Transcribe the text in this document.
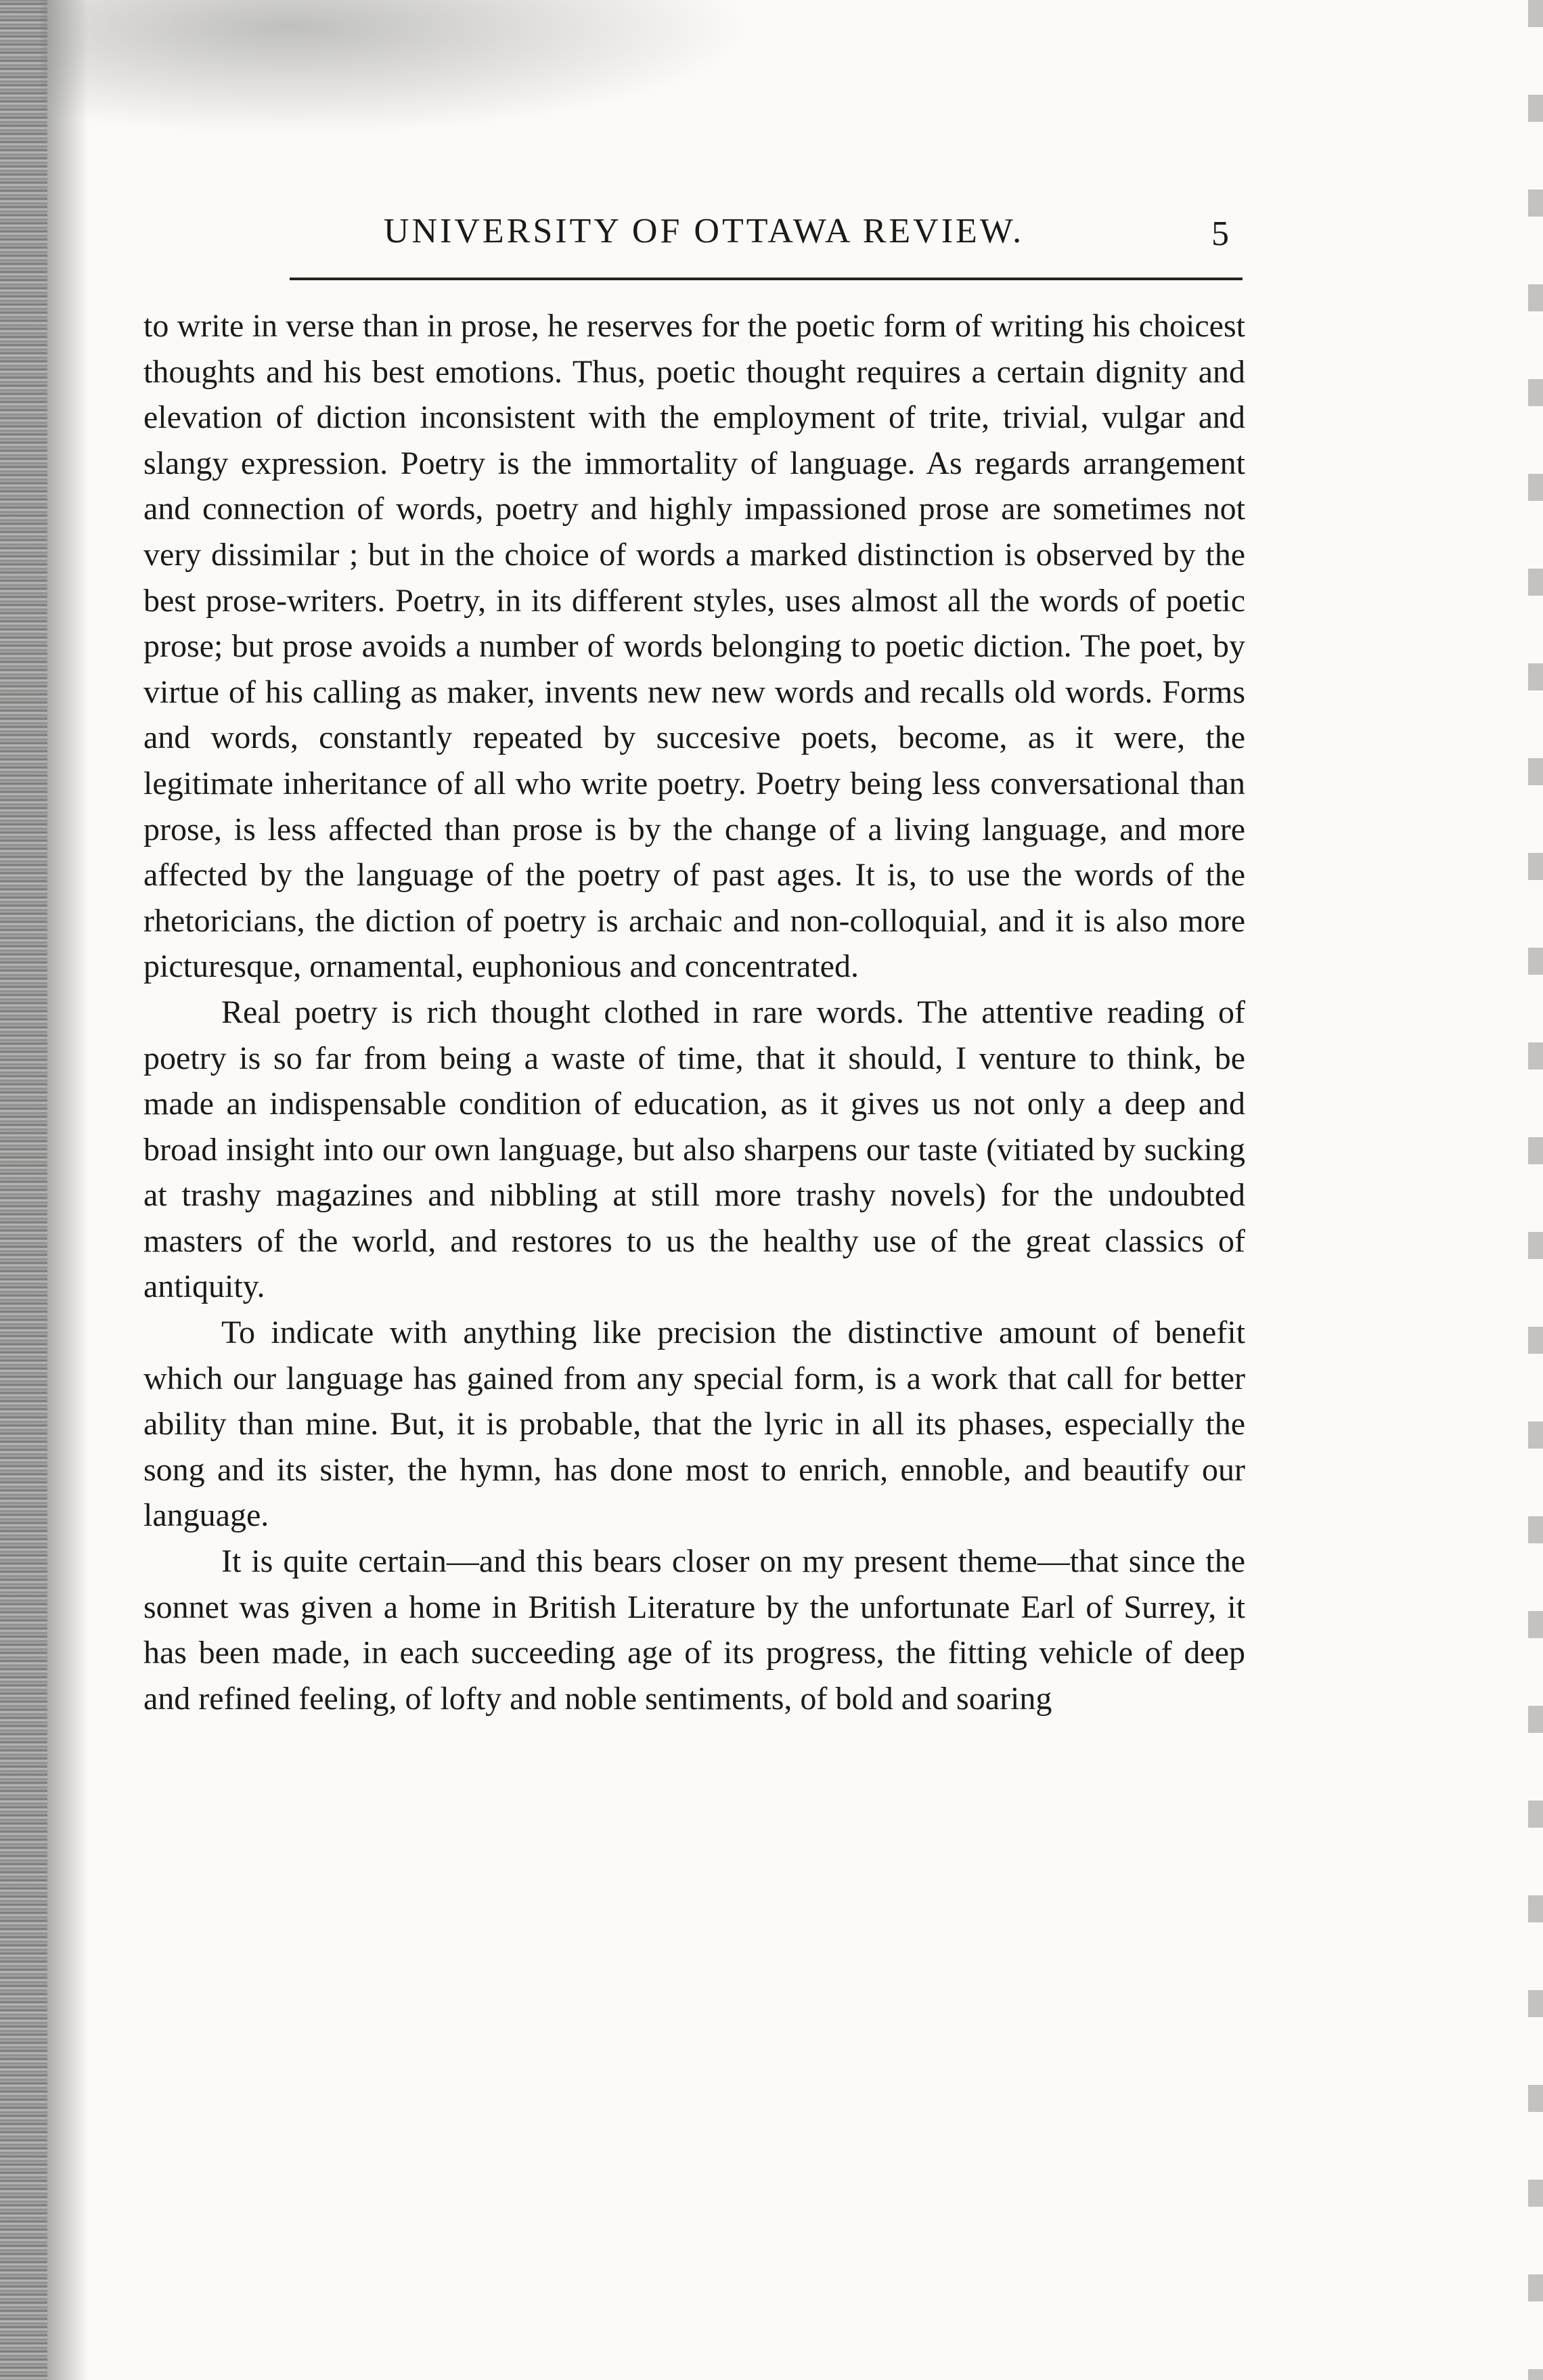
UNIVERSITY OF OTTAWA REVIEW.	5

to write in verse than in prose, he reserves for the poetic form of writing his choicest thoughts and his best emotions. Thus, poetic thought requires a certain dignity and elevation of diction inconsistent with the employment of trite, trivial, vulgar and slangy expression. Poetry is the immortality of language. As regards arrangement and connection of words, poetry and highly impassioned prose are sometimes not very dissimilar ; but in the choice of words a marked distinction is observed by the best prose-writers. Poetry, in its different styles, uses almost all the words of poetic prose; but prose avoids a number of words belonging to poetic diction. The poet, by virtue of his calling as maker, invents new new words and recalls old words. Forms and words, constantly repeated by succesive poets, become, as it were, the legitimate inheritance of all who write poetry. Poetry being less conversational than prose, is less affected than prose is by the change of a living language, and more affected by the language of the poetry of past ages. It is, to use the words of the rhetoricians, the diction of poetry is archaic and non-colloquial, and it is also more picturesque, ornamental, euphonious and concentrated.

Real poetry is rich thought clothed in rare words. The attentive reading of poetry is so far from being a waste of time, that it should, I venture to think, be made an indispensable condition of education, as it gives us not only a deep and broad insight into our own language, but also sharpens our taste (vitiated by sucking at trashy magazines and nibbling at still more trashy novels) for the undoubted masters of the world, and restores to us the healthy use of the great classics of antiquity.

To indicate with anything like precision the distinctive amount of benefit which our language has gained from any special form, is a work that call for better ability than mine. But, it is probable, that the lyric in all its phases, especially the song and its sister, the hymn, has done most to enrich, ennoble, and beautify our language.

It is quite certain—and this bears closer on my present theme—that since the sonnet was given a home in British Literature by the unfortunate Earl of Surrey, it has been made, in each succeeding age of its progress, the fitting vehicle of deep and refined feeling, of lofty and noble sentiments, of bold and soaring
